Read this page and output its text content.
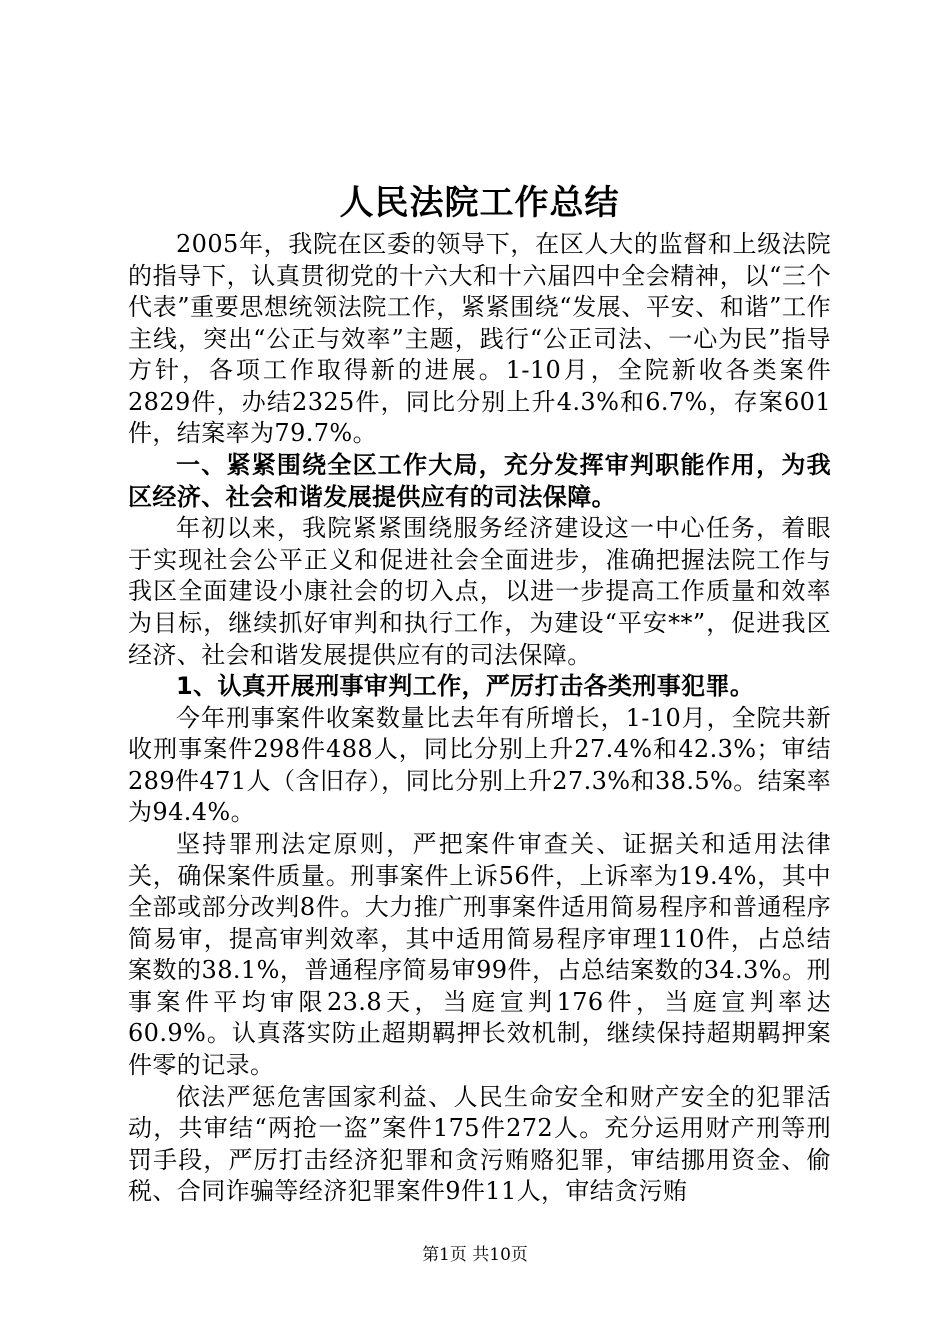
人民法院工作总结

2005年，我院在区委的领导下，在区人大的监督和上级法院的指导下，认真贯彻党的十六大和十六届四中全会精神，以“三个代表”重要思想统领法院工作，紧紧围绕“发展、平安、和谐”工作主线，突出“公正与效率”主题，践行“公正司法、一心为民”指导方针，各项工作取得新的进展。1-10月，全院新收各类案件2829件，办结2325件，同比分别上升4.3%和6.7%，存案601件，结案率为79.7%。

一、紧紧围绕全区工作大局，充分发挥审判职能作用，为我区经济、社会和谐发展提供应有的司法保障。

年初以来，我院紧紧围绕服务经济建设这一中心任务，着眼于实现社会公平正义和促进社会全面进步，准确把握法院工作与我区全面建设小康社会的切入点，以进一步提高工作质量和效率为目标，继续抓好审判和执行工作，为建设“平安**”，促进我区经济、社会和谐发展提供应有的司法保障。

1、认真开展刑事审判工作，严厉打击各类刑事犯罪。

今年刑事案件收案数量比去年有所增长，1-10月，全院共新收刑事案件298件488人，同比分别上升27.4%和42.3%；审结289件471人（含旧存），同比分别上升27.3%和38.5%。结案率为94.4%。

坚持罪刑法定原则，严把案件审查关、证据关和适用法律关，确保案件质量。刑事案件上诉56件，上诉率为19.4%，其中全部或部分改判8件。大力推广刑事案件适用简易程序和普通程序简易审，提高审判效率，其中适用简易程序审理110件，占总结案数的38.1%，普通程序简易审99件，占总结案数的34.3%。刑事案件平均审限23.8天，当庭宣判176件，当庭宣判率达60.9%。认真落实防止超期羁押长效机制，继续保持超期羁押案件零的记录。

依法严惩危害国家利益、人民生命安全和财产安全的犯罪活动，共审结“两抢一盗”案件175件272人。充分运用财产刑等刑罚手段，严厉打击经济犯罪和贪污贿赂犯罪，审结挪用资金、偷税、合同诈骗等经济犯罪案件9件11人，审结贪污贿

第1页 共10页
